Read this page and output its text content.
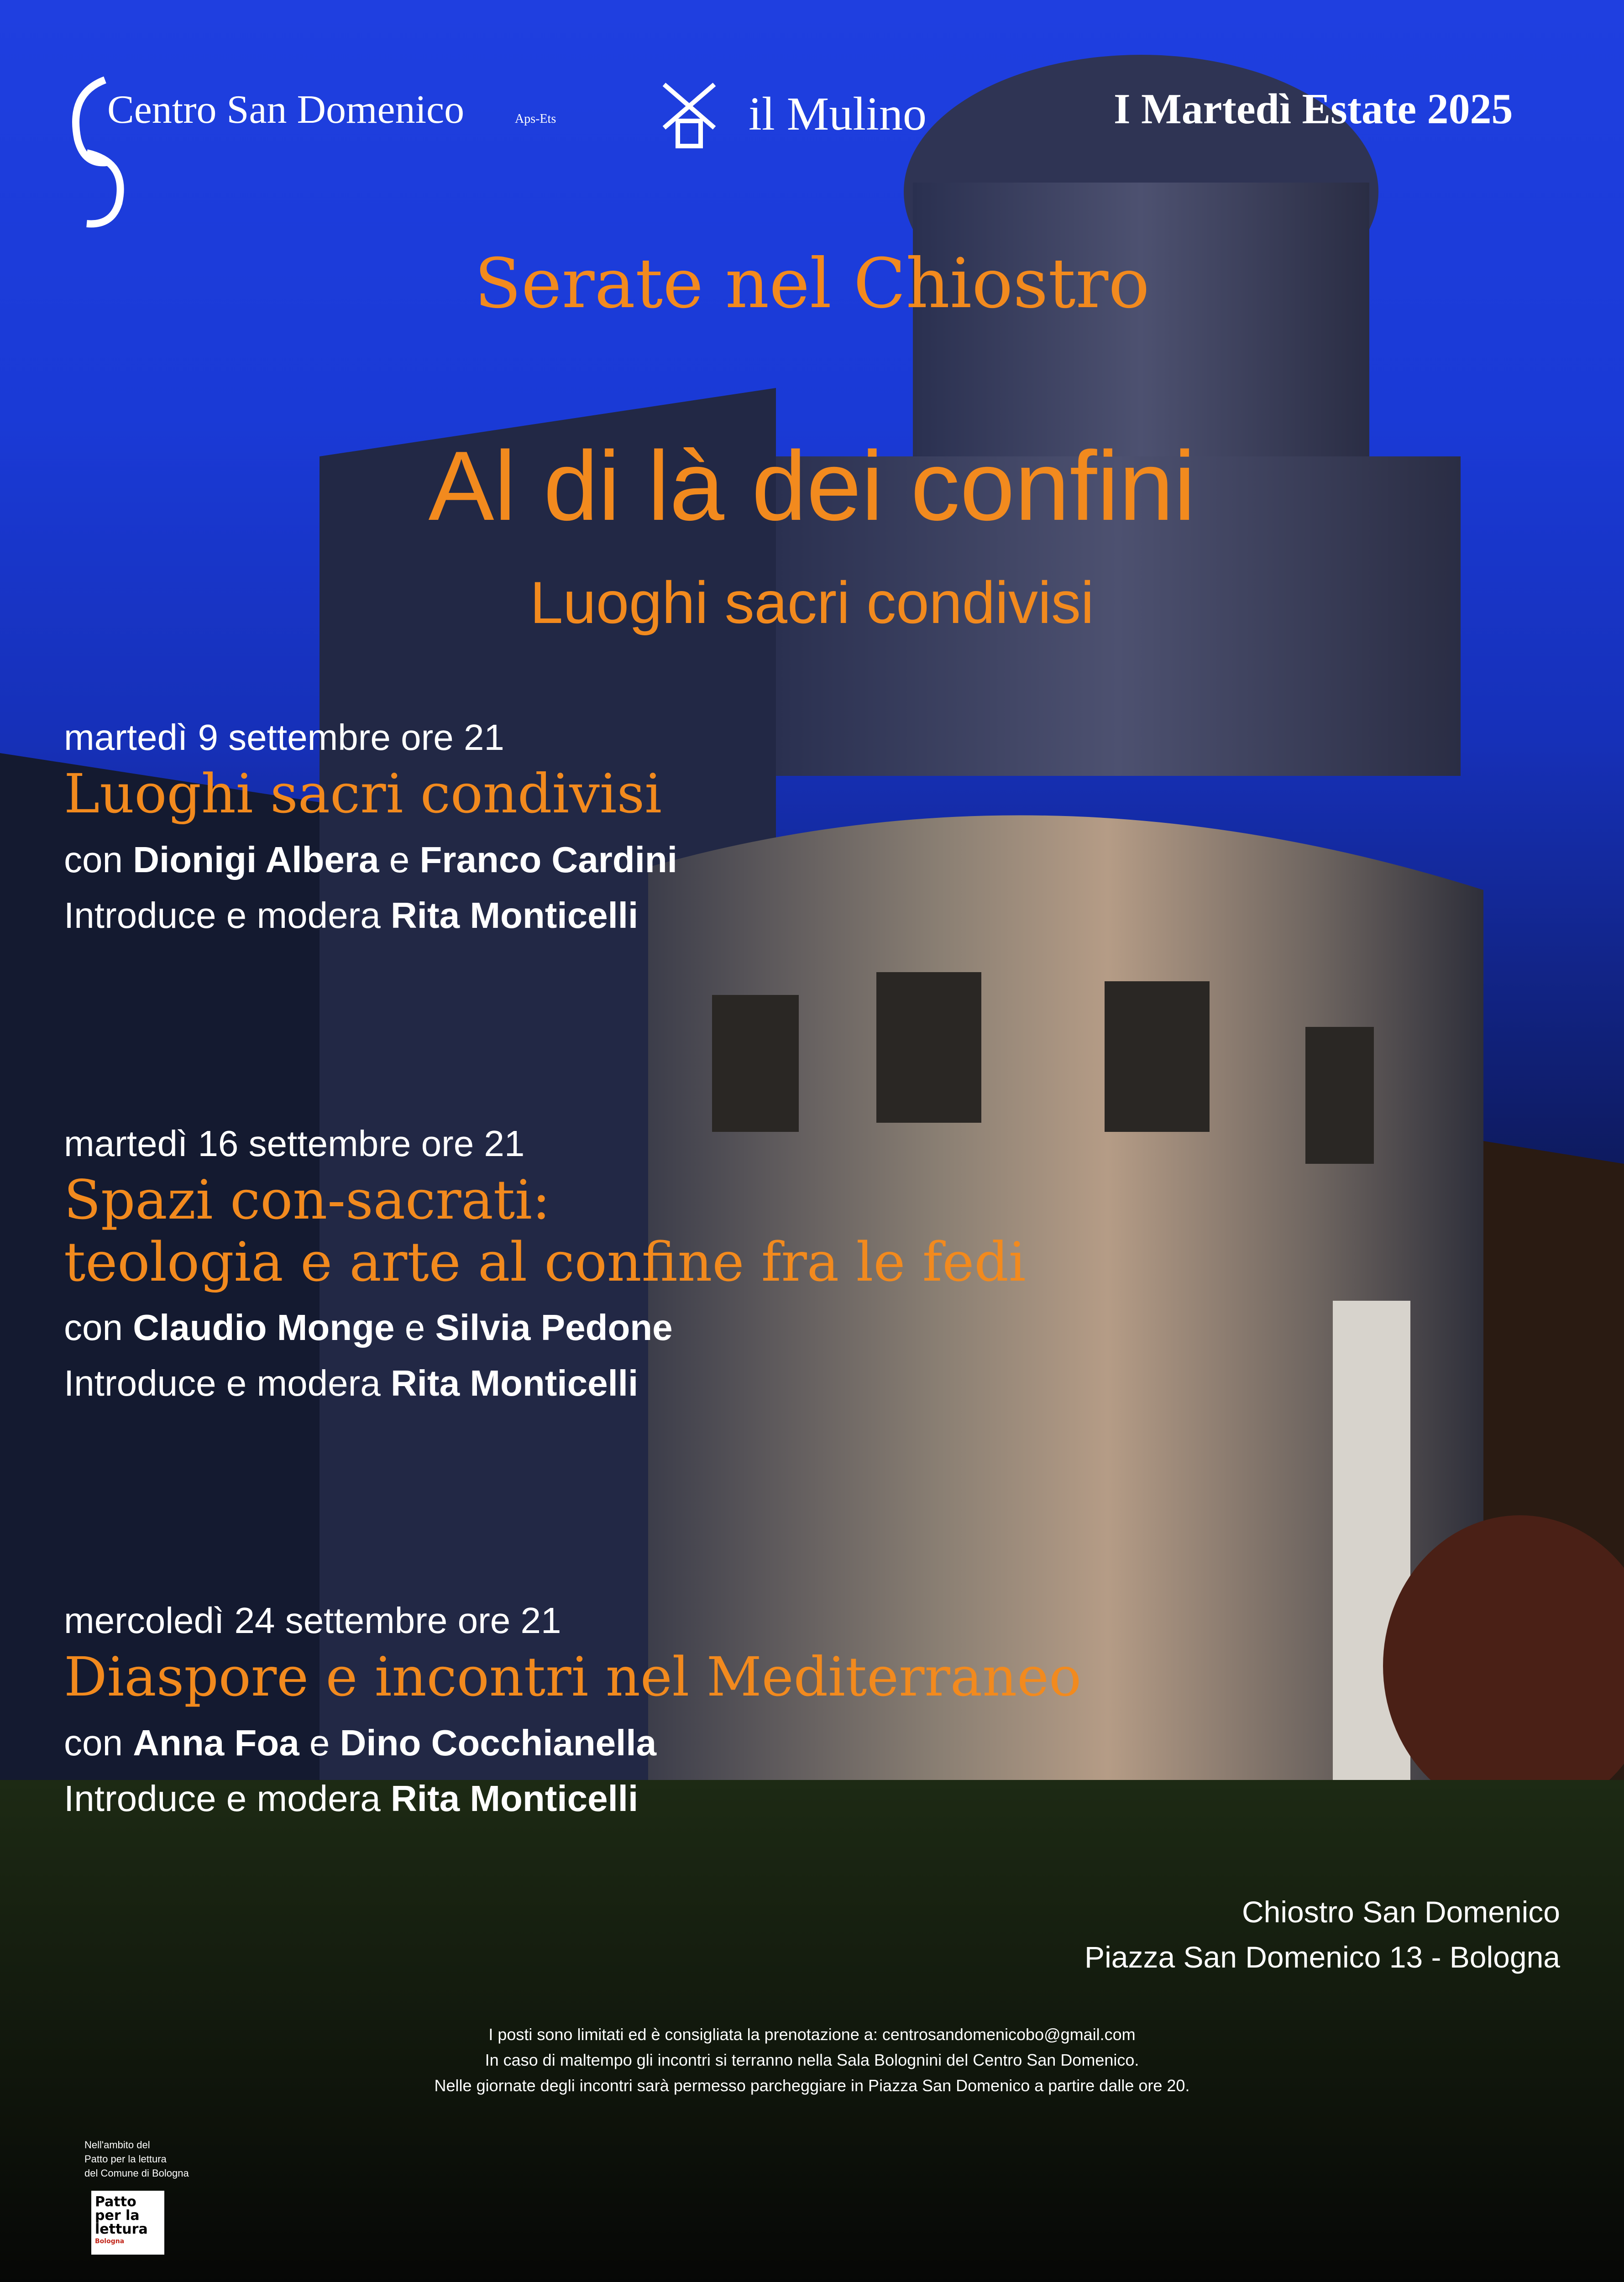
Centro San Domenico	Aps-Ets	il Mulino	I Martedì Estate 2025
Serate nel Chiostro
Al di là dei confini
Luoghi sacri condivisi
martedì 9 settembre ore 21
Luoghi sacri condivisi
con Dionigi Albera e Franco Cardini
Introduce e modera Rita Monticelli
martedì 16 settembre ore 21
Spazi con-sacrati:
teologia e arte al confine fra le fedi
con Claudio Monge e Silvia Pedone
Introduce e modera Rita Monticelli
mercoledì 24 settembre ore 21
Diaspore e incontri nel Mediterraneo
con Anna Foa e Dino Cocchianella
Introduce e modera Rita Monticelli
Chiostro San Domenico
Piazza San Domenico 13 - Bologna
I posti sono limitati ed è consigliata la prenotazione a: centrosandomenicobo@gmail.com
In caso di maltempo gli incontri si terranno nella Sala Bolognini del Centro San Domenico.
Nelle giornate degli incontri sarà permesso parcheggiare in Piazza San Domenico a partire dalle ore 20.
Nell'ambito del
Patto per la lettura
del Comune di Bologna
Patto
per la
lettura
Bologna
